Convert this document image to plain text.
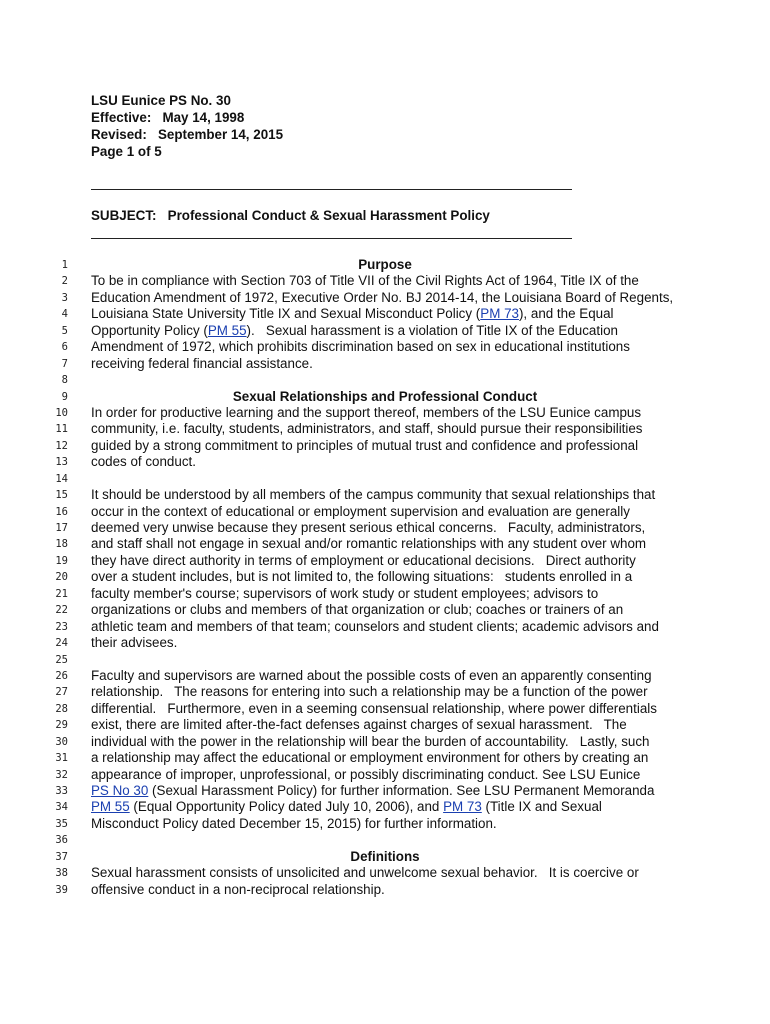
LSU Eunice PS No. 30
Effective:   May 14, 1998
Revised:   September 14, 2015
Page 1 of 5
SUBJECT:   Professional Conduct & Sexual Harassment Policy
1	Purpose
2 To be in compliance with Section 703 of Title VII of the Civil Rights Act of 1964, Title IX of the
3 Education Amendment of 1972, Executive Order No. BJ 2014-14, the Louisiana Board of Regents,
4 Louisiana State University Title IX and Sexual Misconduct Policy (PM 73), and the Equal
5 Opportunity Policy (PM 55).   Sexual harassment is a violation of Title IX of the Education
6 Amendment of 1972, which prohibits discrimination based on sex in educational institutions
7 receiving federal financial assistance.
8
9	Sexual Relationships and Professional Conduct
10 In order for productive learning and the support thereof, members of the LSU Eunice campus
11 community, i.e. faculty, students, administrators, and staff, should pursue their responsibilities
12 guided by a strong commitment to principles of mutual trust and confidence and professional
13 codes of conduct.
14
15 It should be understood by all members of the campus community that sexual relationships that
16 occur in the context of educational or employment supervision and evaluation are generally
17 deemed very unwise because they present serious ethical concerns.   Faculty, administrators,
18 and staff shall not engage in sexual and/or romantic relationships with any student over whom
19 they have direct authority in terms of employment or educational decisions.   Direct authority
20 over a student includes, but is not limited to, the following situations:   students enrolled in a
21 faculty member's course; supervisors of work study or student employees; advisors to
22 organizations or clubs and members of that organization or club; coaches or trainers of an
23 athletic team and members of that team; counselors and student clients; academic advisors and
24 their advisees.
25
26 Faculty and supervisors are warned about the possible costs of even an apparently consenting
27 relationship.   The reasons for entering into such a relationship may be a function of the power
28 differential.   Furthermore, even in a seeming consensual relationship, where power differentials
29 exist, there are limited after-the-fact defenses against charges of sexual harassment.   The
30 individual with the power in the relationship will bear the burden of accountability.   Lastly, such
31 a relationship may affect the educational or employment environment for others by creating an
32 appearance of improper, unprofessional, or possibly discriminating conduct. See LSU Eunice
33 PS No 30 (Sexual Harassment Policy) for further information. See LSU Permanent Memoranda
34 PM 55 (Equal Opportunity Policy dated July 10, 2006), and PM 73 (Title IX and Sexual
35 Misconduct Policy dated December 15, 2015) for further information.
36
37	Definitions
38 Sexual harassment consists of unsolicited and unwelcome sexual behavior.   It is coercive or
39 offensive conduct in a non-reciprocal relationship.
